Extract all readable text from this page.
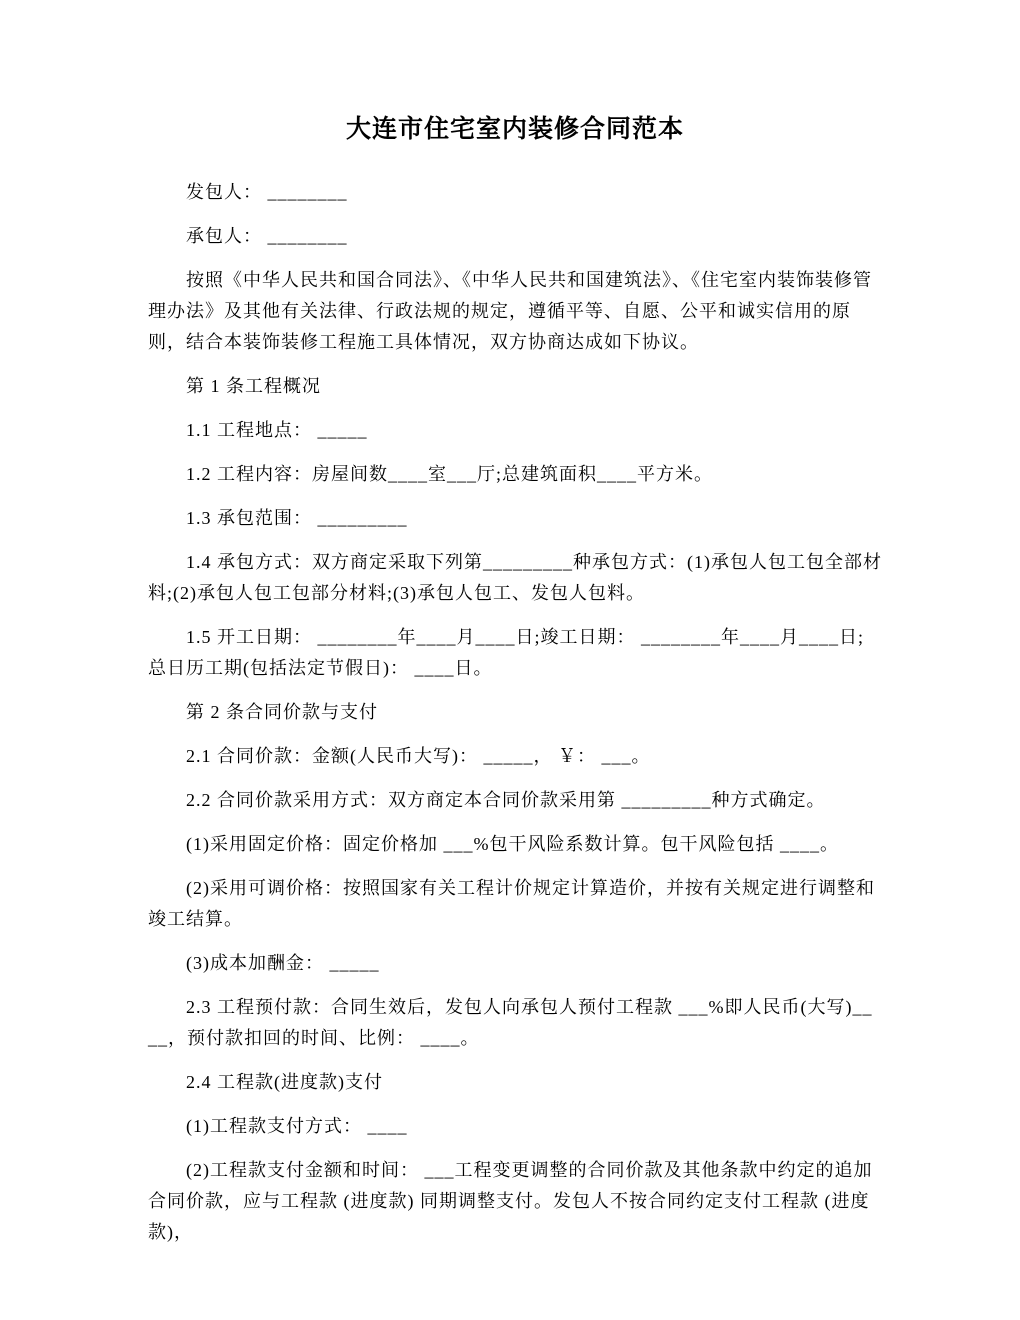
大连市住宅室内装修合同范本

发包人： ________

承包人： ________

按照《中华人民共和国合同法》、《中华人民共和国建筑法》、《住宅室内装饰装修管理办法》及其他有关法律、行政法规的规定，遵循平等、自愿、公平和诚实信用的原则，结合本装饰装修工程施工具体情况，双方协商达成如下协议。

第 1 条工程概况

1.1 工程地点： _____

1.2 工程内容：房屋间数____室___厅;总建筑面积____平方米。

1.3 承包范围： _________

1.4 承包方式：双方商定采取下列第_________种承包方式：(1)承包人包工包全部材料;(2)承包人包工包部分材料;(3)承包人包工、发包人包料。

1.5 开工日期： ________年____月____日;竣工日期： ________年____月____日;总日历工期(包括法定节假日)： ____日。

第 2 条合同价款与支付

2.1 合同价款：金额(人民币大写)： _____， ￥： ___。

2.2 合同价款采用方式：双方商定本合同价款采用第 _________种方式确定。

(1)采用固定价格：固定价格加 ___%包干风险系数计算。包干风险包括 ____。

(2)采用可调价格：按照国家有关工程计价规定计算造价，并按有关规定进行调整和竣工结算。

(3)成本加酬金： _____

2.3 工程预付款：合同生效后，发包人向承包人预付工程款 ___%即人民币(大写)____，预付款扣回的时间、比例： ____。

2.4 工程款(进度款)支付

(1)工程款支付方式： ____

(2)工程款支付金额和时间： ___工程变更调整的合同价款及其他条款中约定的追加合同价款，应与工程款 (进度款) 同期调整支付。发包人不按合同约定支付工程款 (进度款)，
